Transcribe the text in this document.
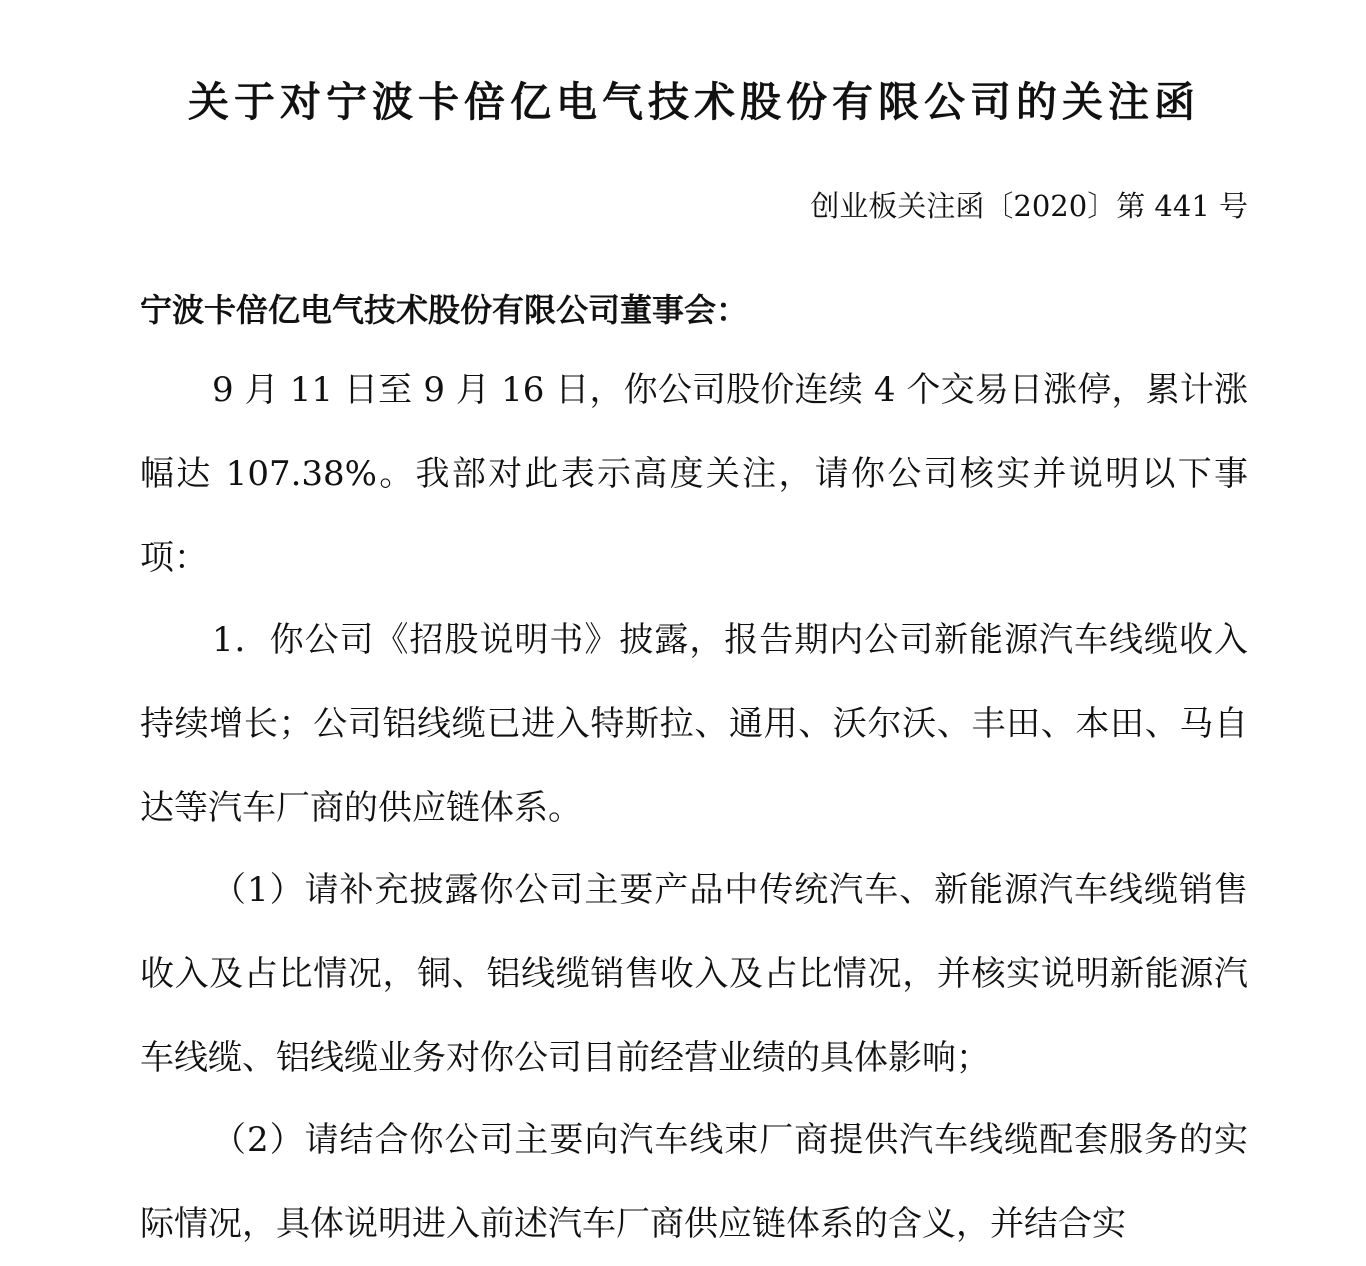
关于对宁波卡倍亿电气技术股份有限公司的关注函
创业板关注函〔2020〕第 441 号
宁波卡倍亿电气技术股份有限公司董事会：

9 月 11 日至 9 月 16 日，你公司股价连续 4 个交易日涨停，累计涨幅达 107.38%。我部对此表示高度关注，请你公司核实并说明以下事项：

1．你公司《招股说明书》披露，报告期内公司新能源汽车线缆收入持续增长；公司铝线缆已进入特斯拉、通用、沃尔沃、丰田、本田、马自达等汽车厂商的供应链体系。

（1）请补充披露你公司主要产品中传统汽车、新能源汽车线缆销售收入及占比情况，铜、铝线缆销售收入及占比情况，并核实说明新能源汽车线缆、铝线缆业务对你公司目前经营业绩的具体影响；

（2）请结合你公司主要向汽车线束厂商提供汽车线缆配套服务的实际情况，具体说明进入前述汽车厂商供应链体系的含义，并结合实
